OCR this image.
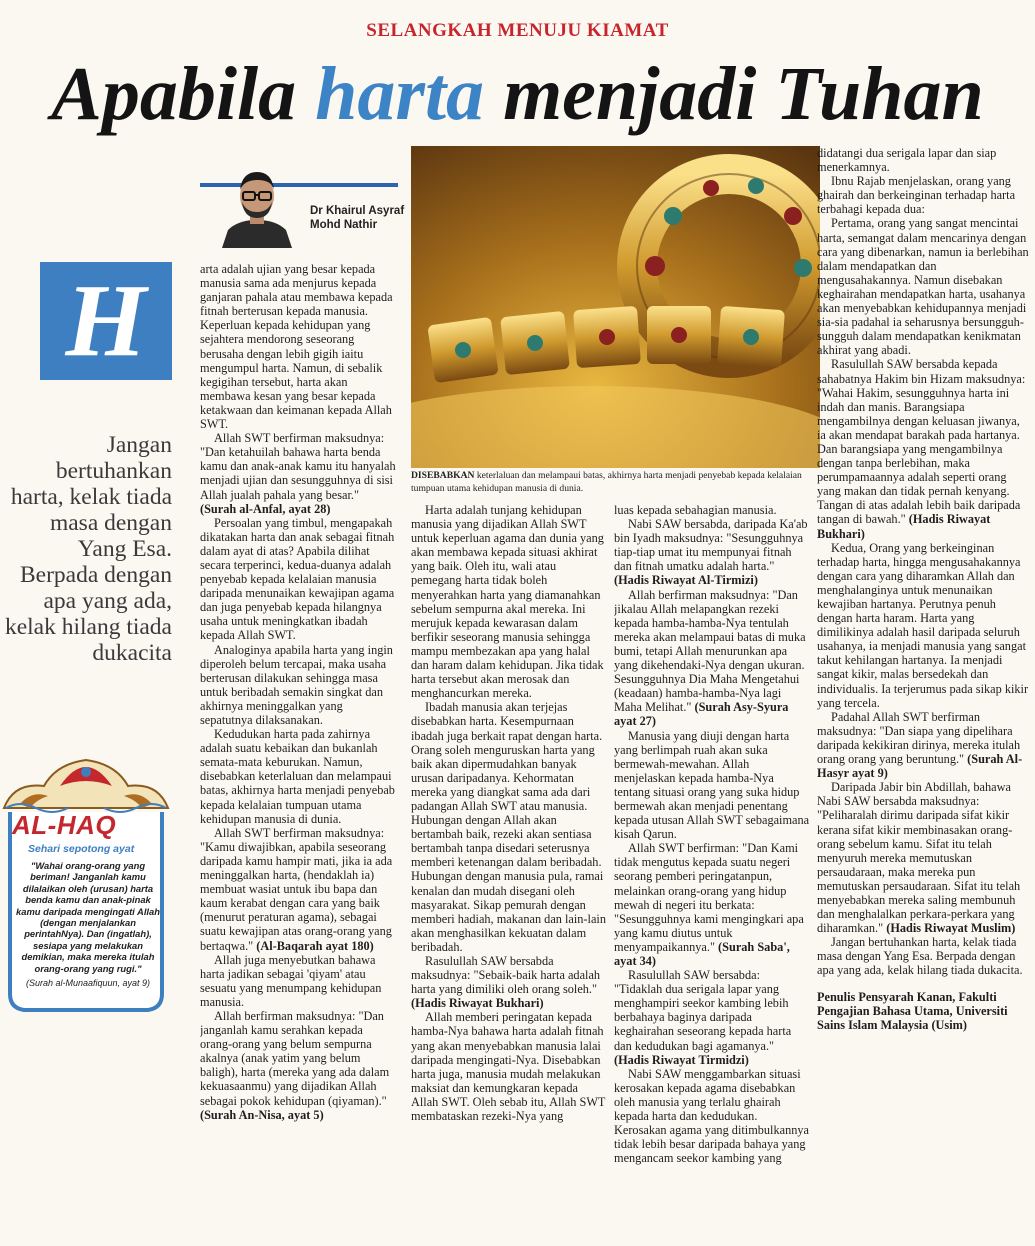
SELANGKAH MENUJU KIAMAT
Apabila harta menjadi Tuhan
Dr Khairul Asyraf
Mohd Nathir
H
Jangan bertuhankan harta, kelak tiada masa dengan Yang Esa. Berpada dengan apa yang ada, kelak hilang tiada dukacita
AL-HAQ
Sehari sepotong ayat
"Wahai orang-orang yang beriman! Janganlah kamu dilalaikan oleh (urusan) harta benda kamu dan anak-pinak kamu daripada mengingati Allah (dengan menjalankan perintahNya). Dan (ingatlah), sesiapa yang melakukan demikian, maka mereka itulah orang-orang yang rugi."
(Surah al-Munaafiquun, ayat 9)
DISEBABKAN keterlaluan dan melampaui batas, akhirnya harta menjadi penyebab kepada kelalaian tumpuan utama kehidupan manusia di dunia.

arta adalah ujian yang besar kepada manusia sama ada menjurus kepada ganjaran pahala atau membawa kepada fitnah berterusan kepada manusia. Keperluan kepada kehidupan yang sejahtera mendorong seseorang berusaha dengan lebih gigih iaitu mengumpul harta. Namun, di sebalik kegigihan tersebut, harta akan membawa kesan yang besar kepada ketakwaan dan keimanan kepada Allah SWT.

Allah SWT berfirman maksudnya: "Dan ketahuilah bahawa harta benda kamu dan anak-anak kamu itu hanyalah menjadi ujian dan sesungguhnya di sisi Allah jualah pahala yang besar." (Surah al-Anfal, ayat 28)

Persoalan yang timbul, mengapakah dikatakan harta dan anak sebagai fitnah dalam ayat di atas? Apabila dilihat secara terperinci, kedua-duanya adalah penyebab kepada kelalaian manusia daripada menunaikan kewajipan agama dan juga penyebab kepada hilangnya usaha untuk meningkatkan ibadah kepada Allah SWT.

Analoginya apabila harta yang ingin diperoleh belum tercapai, maka usaha berterusan dilakukan sehingga masa untuk beribadah semakin singkat dan akhirnya meninggalkan yang sepatutnya dilaksanakan.

Kedudukan harta pada zahirnya adalah suatu kebaikan dan bukanlah semata-mata keburukan. Namun, disebabkan keterlaluan dan melampaui batas, akhirnya harta menjadi penyebab kepada kelalaian tumpuan utama kehidupan manusia di dunia.

Allah SWT berfirman maksudnya: "Kamu diwajibkan, apabila seseorang daripada kamu hampir mati, jika ia ada meninggalkan harta, (hendaklah ia) membuat wasiat untuk ibu bapa dan kaum kerabat dengan cara yang baik (menurut peraturan agama), sebagai suatu kewajipan atas orang-orang yang bertaqwa." (Al-Baqarah ayat 180)

Allah juga menyebutkan bahawa harta jadikan sebagai 'qiyam' atau sesuatu yang menumpang kehidupan manusia.

Allah berfirman maksudnya: "Dan janganlah kamu serahkan kepada orang-orang yang belum sempurna akalnya (anak yatim yang belum baligh), harta (mereka yang ada dalam kekuasaanmu) yang dijadikan Allah sebagai pokok kehidupan (qiyaman)." (Surah An-Nisa, ayat 5)

Harta adalah tunjang kehidupan manusia yang dijadikan Allah SWT untuk keperluan agama dan dunia yang akan membawa kepada situasi akhirat yang baik. Oleh itu, wali atau pemegang harta tidak boleh menyerahkan harta yang diamanahkan sebelum sempurna akal mereka. Ini merujuk kepada kewarasan dalam berfikir seseorang manusia sehingga mampu membezakan apa yang halal dan haram dalam kehidupan. Jika tidak harta tersebut akan merosak dan menghancurkan mereka.

Ibadah manusia akan terjejas disebabkan harta. Kesempurnaan ibadah juga berkait rapat dengan harta. Orang soleh menguruskan harta yang baik akan dipermudahkan banyak urusan daripadanya. Kehormatan mereka yang diangkat sama ada dari padangan Allah SWT atau manusia. Hubungan dengan Allah akan bertambah baik, rezeki akan sentiasa bertambah tanpa disedari seterusnya memberi ketenangan dalam beribadah. Hubungan dengan manusia pula, ramai kenalan dan mudah disegani oleh masyarakat. Sikap pemurah dengan memberi hadiah, makanan dan lain-lain akan menghasilkan kekuatan dalam beribadah.

Rasulullah SAW bersabda maksudnya: "Sebaik-baik harta adalah harta yang dimiliki oleh orang soleh." (Hadis Riwayat Bukhari)

Allah memberi peringatan kepada hamba-Nya bahawa harta adalah fitnah yang akan menyebabkan manusia lalai daripada mengingati-Nya. Disebabkan harta juga, manusia mudah melakukan maksiat dan kemungkaran kepada Allah SWT. Oleh sebab itu, Allah SWT membataskan rezeki-Nya yang

luas kepada sebahagian manusia.

Nabi SAW bersabda, daripada Ka'ab bin Iyadh maksudnya: "Sesungguhnya tiap-tiap umat itu mempunyai fitnah dan fitnah umatku adalah harta." (Hadis Riwayat Al-Tirmizi)

Allah berfirman maksudnya: "Dan jikalau Allah melapangkan rezeki kepada hamba-hamba-Nya tentulah mereka akan melampaui batas di muka bumi, tetapi Allah menurunkan apa yang dikehendaki-Nya dengan ukuran. Sesungguhnya Dia Maha Mengetahui (keadaan) hamba-hamba-Nya lagi Maha Melihat." (Surah Asy-Syura ayat 27)

Manusia yang diuji dengan harta yang berlimpah ruah akan suka bermewah-mewahan. Allah menjelaskan kepada hamba-Nya tentang situasi orang yang suka hidup bermewah akan menjadi penentang kepada utusan Allah SWT sebagaimana kisah Qarun.

Allah SWT berfirman: "Dan Kami tidak mengutus kepada suatu negeri seorang pemberi peringatanpun, melainkan orang-orang yang hidup mewah di negeri itu berkata: "Sesungguhnya kami mengingkari apa yang kamu diutus untuk menyampaikannya." (Surah Saba', ayat 34)

Rasulullah SAW bersabda: "Tidaklah dua serigala lapar yang menghampiri seekor kambing lebih berbahaya baginya daripada keghairahan seseorang kepada harta dan kedudukan bagi agamanya." (Hadis Riwayat Tirmidzi)

Nabi SAW menggambarkan situasi kerosakan kepada agama disebabkan oleh manusia yang terlalu ghairah kepada harta dan kedudukan. Kerosakan agama yang ditimbulkannya tidak lebih besar daripada bahaya yang mengancam seekor kambing yang

didatangi dua serigala lapar dan siap menerkamnya.

Ibnu Rajab menjelaskan, orang yang ghairah dan berkeinginan terhadap harta terbahagi kepada dua:

Pertama, orang yang sangat mencintai harta, semangat dalam mencarinya dengan cara yang dibenarkan, namun ia berlebihan dalam mendapatkan dan mengusahakannya. Namun disebakan keghairahan mendapatkan harta, usahanya akan menyebabkan kehidupannya menjadi sia-sia padahal ia seharusnya bersungguh-sungguh dalam mendapatkan kenikmatan akhirat yang abadi.

Rasulullah SAW bersabda kepada sahabatnya Hakim bin Hizam maksudnya: "Wahai Hakim, sesungguhnya harta ini indah dan manis. Barangsiapa mengambilnya dengan keluasan jiwanya, ia akan mendapat barakah pada hartanya. Dan barangsiapa yang mengambilnya dengan tanpa berlebihan, maka perumpamaannya adalah seperti orang yang makan dan tidak pernah kenyang. Tangan di atas adalah lebih baik daripada tangan di bawah." (Hadis Riwayat Bukhari)

Kedua, Orang yang berkeinginan terhadap harta, hingga mengusahakannya dengan cara yang diharamkan Allah dan menghalanginya untuk menunaikan kewajiban hartanya. Perutnya penuh dengan harta haram. Harta yang dimilikinya adalah hasil daripada seluruh usahanya, ia menjadi manusia yang sangat takut kehilangan hartanya. Ia menjadi sangat kikir, malas bersedekah dan individualis. Ia terjerumus pada sikap kikir yang tercela.

Padahal Allah SWT berfirman maksudnya: "Dan siapa yang dipelihara daripada kekikiran dirinya, mereka itulah orang orang yang beruntung." (Surah Al-Hasyr ayat 9)

Daripada Jabir bin Abdillah, bahawa Nabi SAW bersabda maksudnya: "Peliharalah dirimu daripada sifat kikir kerana sifat kikir membinasakan orang-orang sebelum kamu. Sifat itu telah menyuruh mereka memutuskan persaudaraan, maka mereka pun memutuskan persaudaraan. Sifat itu telah menyebabkan mereka saling membunuh dan menghalalkan perkara-perkara yang diharamkan." (Hadis Riwayat Muslim)

Jangan bertuhankan harta, kelak tiada masa dengan Yang Esa. Berpada dengan apa yang ada, kelak hilang tiada dukacita.

Penulis Pensyarah Kanan, Fakulti Pengajian Bahasa Utama, Universiti Sains Islam Malaysia (Usim)
